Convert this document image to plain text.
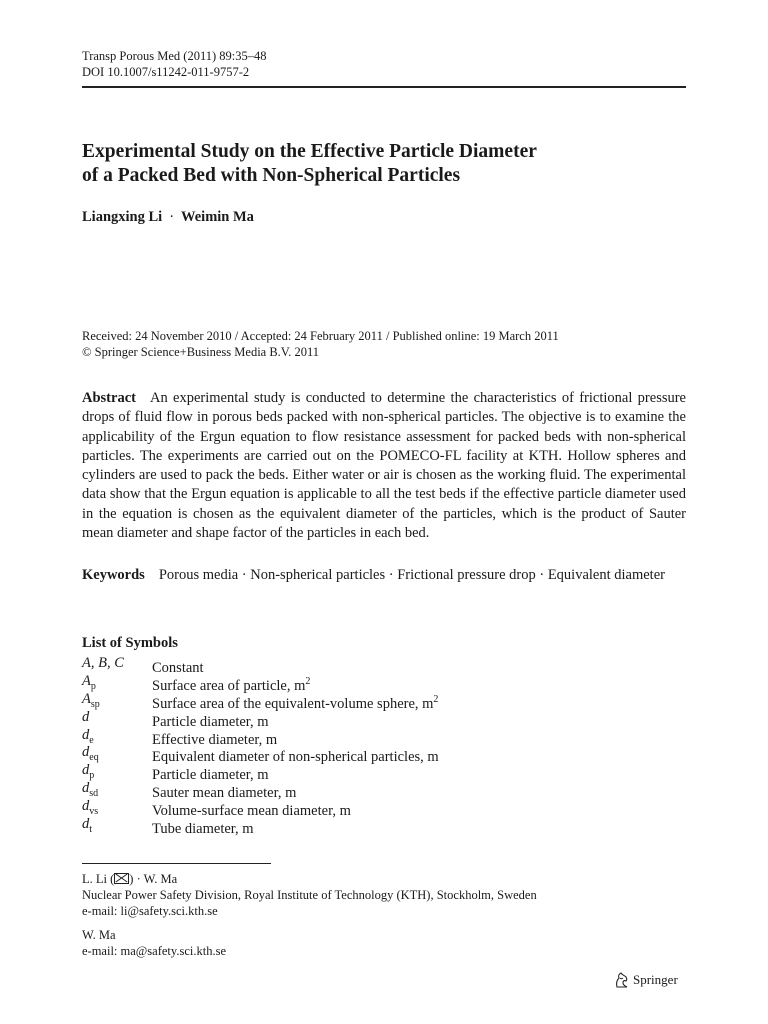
Transp Porous Med (2011) 89:35–48
DOI 10.1007/s11242-011-9757-2
Experimental Study on the Effective Particle Diameter
of a Packed Bed with Non-Spherical Particles
Liangxing Li · Weimin Ma
Received: 24 November 2010 / Accepted: 24 February 2011 / Published online: 19 March 2011
© Springer Science+Business Media B.V. 2011
Abstract An experimental study is conducted to determine the characteristics of frictional pressure drops of fluid flow in porous beds packed with non-spherical particles. The objective is to examine the applicability of the Ergun equation to flow resistance assessment for packed beds with non-spherical particles. The experiments are carried out on the POMECO-FL facility at KTH. Hollow spheres and cylinders are used to pack the beds. Either water or air is chosen as the working fluid. The experimental data show that the Ergun equation is applicable to all the test beds if the effective particle diameter used in the equation is chosen as the equivalent diameter of the particles, which is the product of Sauter mean diameter and shape factor of the particles in each bed.
Keywords Porous media · Non-spherical particles · Frictional pressure drop · Equivalent diameter
List of Symbols
A, B, C	Constant
$A_p$	Surface area of particle, $m^2$
$A_{sp}$	Surface area of the equivalent-volume sphere, $m^2$
d	Particle diameter, m
$d_e$	Effective diameter, m
$d_{eq}$	Equivalent diameter of non-spherical particles, m
$d_p$	Particle diameter, m
$d_{sd}$	Sauter mean diameter, m
$d_{vs}$	Volume-surface mean diameter, m
$d_t$	Tube diameter, m
L. Li ( ) · W. Ma
Nuclear Power Safety Division, Royal Institute of Technology (KTH), Stockholm, Sweden
e-mail: li@safety.sci.kth.se
W. Ma
e-mail: ma@safety.sci.kth.se
Springer
